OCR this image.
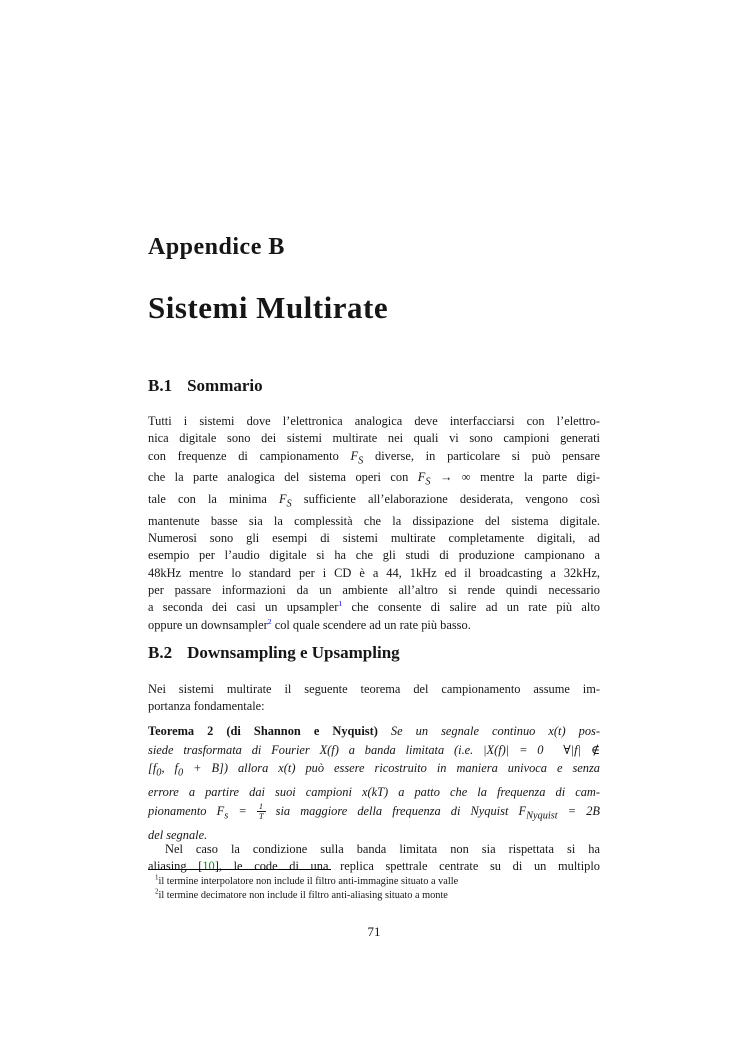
Appendice B
Sistemi Multirate
B.1 Sommario
Tutti i sistemi dove l’elettronica analogica deve interfacciarsi con l’elettro-
nica digitale sono dei sistemi multirate nei quali vi sono campioni generati
con frequenze di campionamento $F_S$ diverse, in particolare si può pensare
che la parte analogica del sistema operi con $F_S$ → ∞ mentre la parte digi-
tale con la minima $F_S$ sufficiente all’elaborazione desiderata, vengono così
mantenute basse sia la complessità che la dissipazione del sistema digitale.
Numerosi sono gli esempi di sistemi multirate completamente digitali, ad
esempio per l’audio digitale si ha che gli studi di produzione campionano a
48kHz mentre lo standard per i CD è a 44, 1kHz ed il broadcasting a 32kHz,
per passare informazioni da un ambiente all’altro si rende quindi necessario
a seconda dei casi un upsampler$^1$ che consente di salire ad un rate più alto
oppure un downsampler$^2$ col quale scendere ad un rate più basso.
B.2 Downsampling e Upsampling
Nei sistemi multirate il seguente teorema del campionamento assume im-
portanza fondamentale:
Teorema 2 (di Shannon e Nyquist) Se un segnale continuo x(t) pos-
siede trasformata di Fourier X(f) a banda limitata (i.e. |X(f)| = 0  ∀|f| ∉
[$f_0$, $f_0 + B$]) allora x(t) può essere ricostruito in maniera univoca e senza
errore a partire dai suoi campioni x(kT) a patto che la frequenza di cam-
pionamento $F_s = \frac{1}{T}$ sia maggiore della frequenza di Nyquist $F_{Nyquist} = 2B$
del segnale.
Nel caso la condizione sulla banda limitata non sia rispettata si ha
aliasing [10], le code di una replica spettrale centrate su di un multiplo
$^1$il termine interpolatore non include il filtro anti-immagine situato a valle
$^2$il termine decimatore non include il filtro anti-aliasing situato a monte
71
